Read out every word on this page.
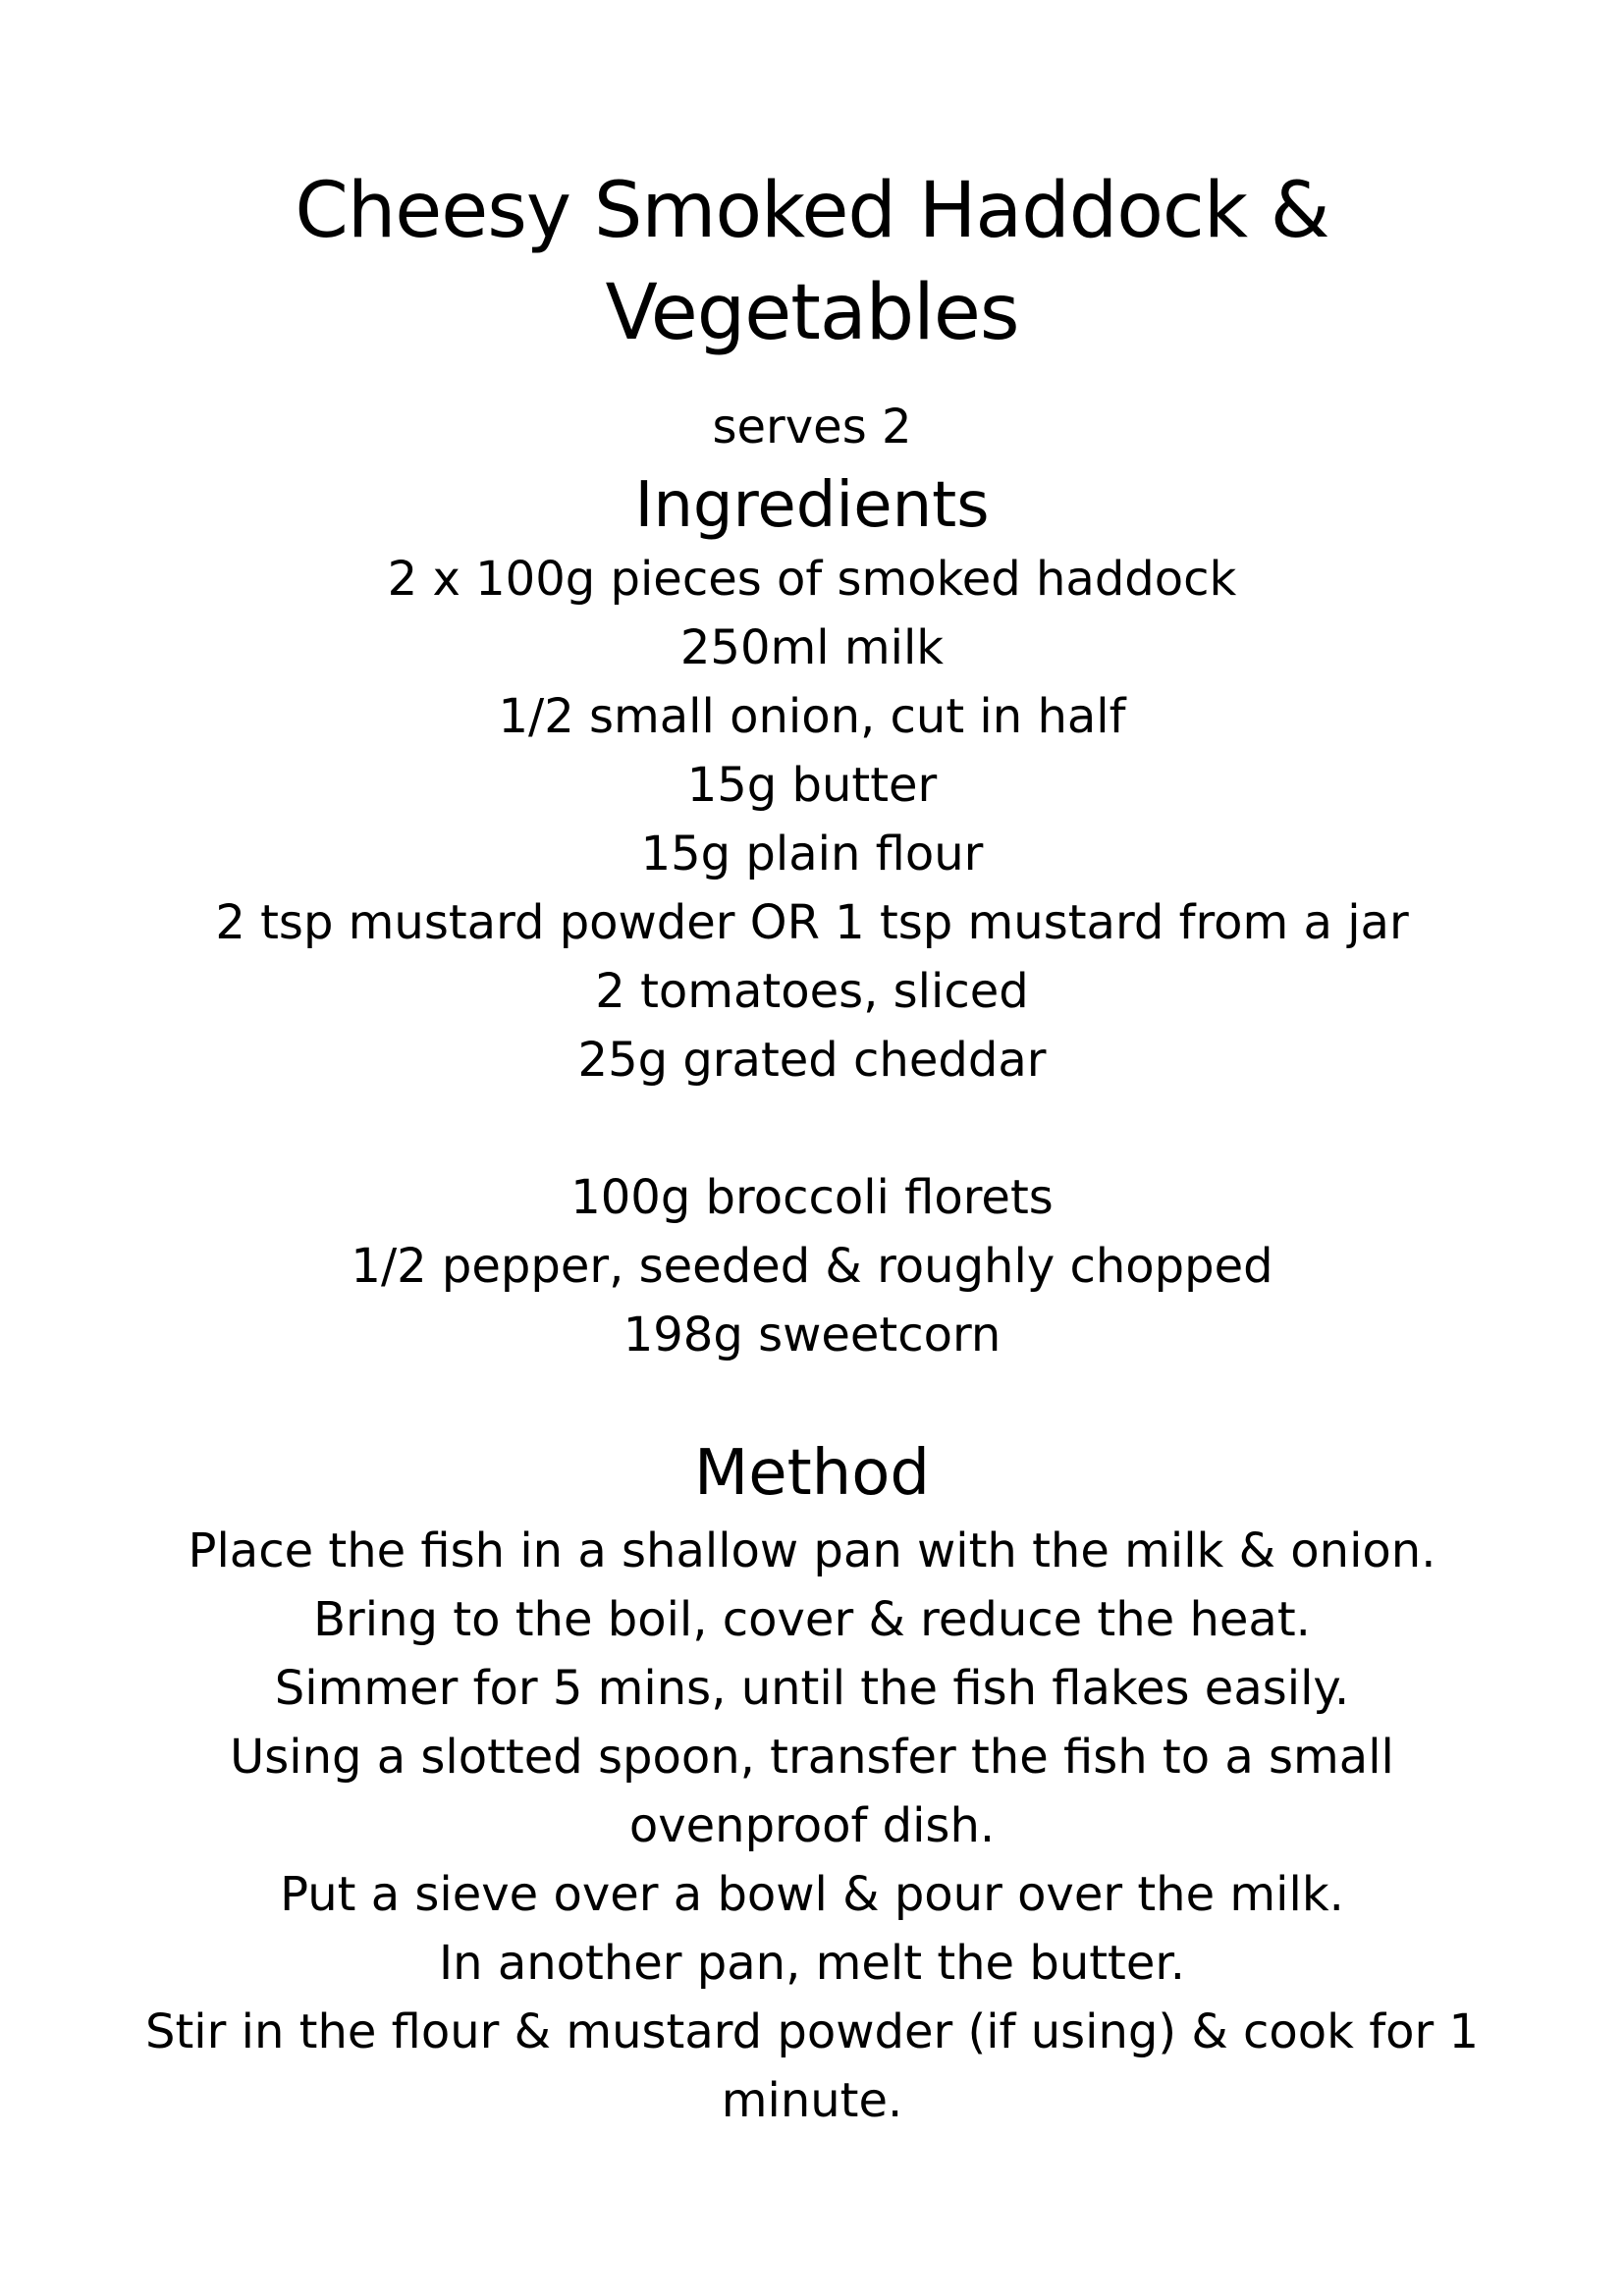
Cheesy Smoked Haddock & Vegetables

serves 2

Ingredients
2 x 100g pieces of smoked haddock
250ml milk
1/2 small onion, cut in half
15g butter
15g plain flour
2 tsp mustard powder OR 1 tsp mustard from a jar
2 tomatoes, sliced
25g grated cheddar
100g broccoli florets
1/2 pepper, seeded & roughly chopped
198g sweetcorn
Method
Place the fish in a shallow pan with the milk & onion.
Bring to the boil, cover & reduce the heat.
Simmer for 5 mins, until the fish flakes easily.
Using a slotted spoon, transfer the fish to a small ovenproof dish.
Put a sieve over a bowl & pour over the milk.
In another pan, melt the butter.
Stir in the flour & mustard powder (if using) & cook for 1 minute.
